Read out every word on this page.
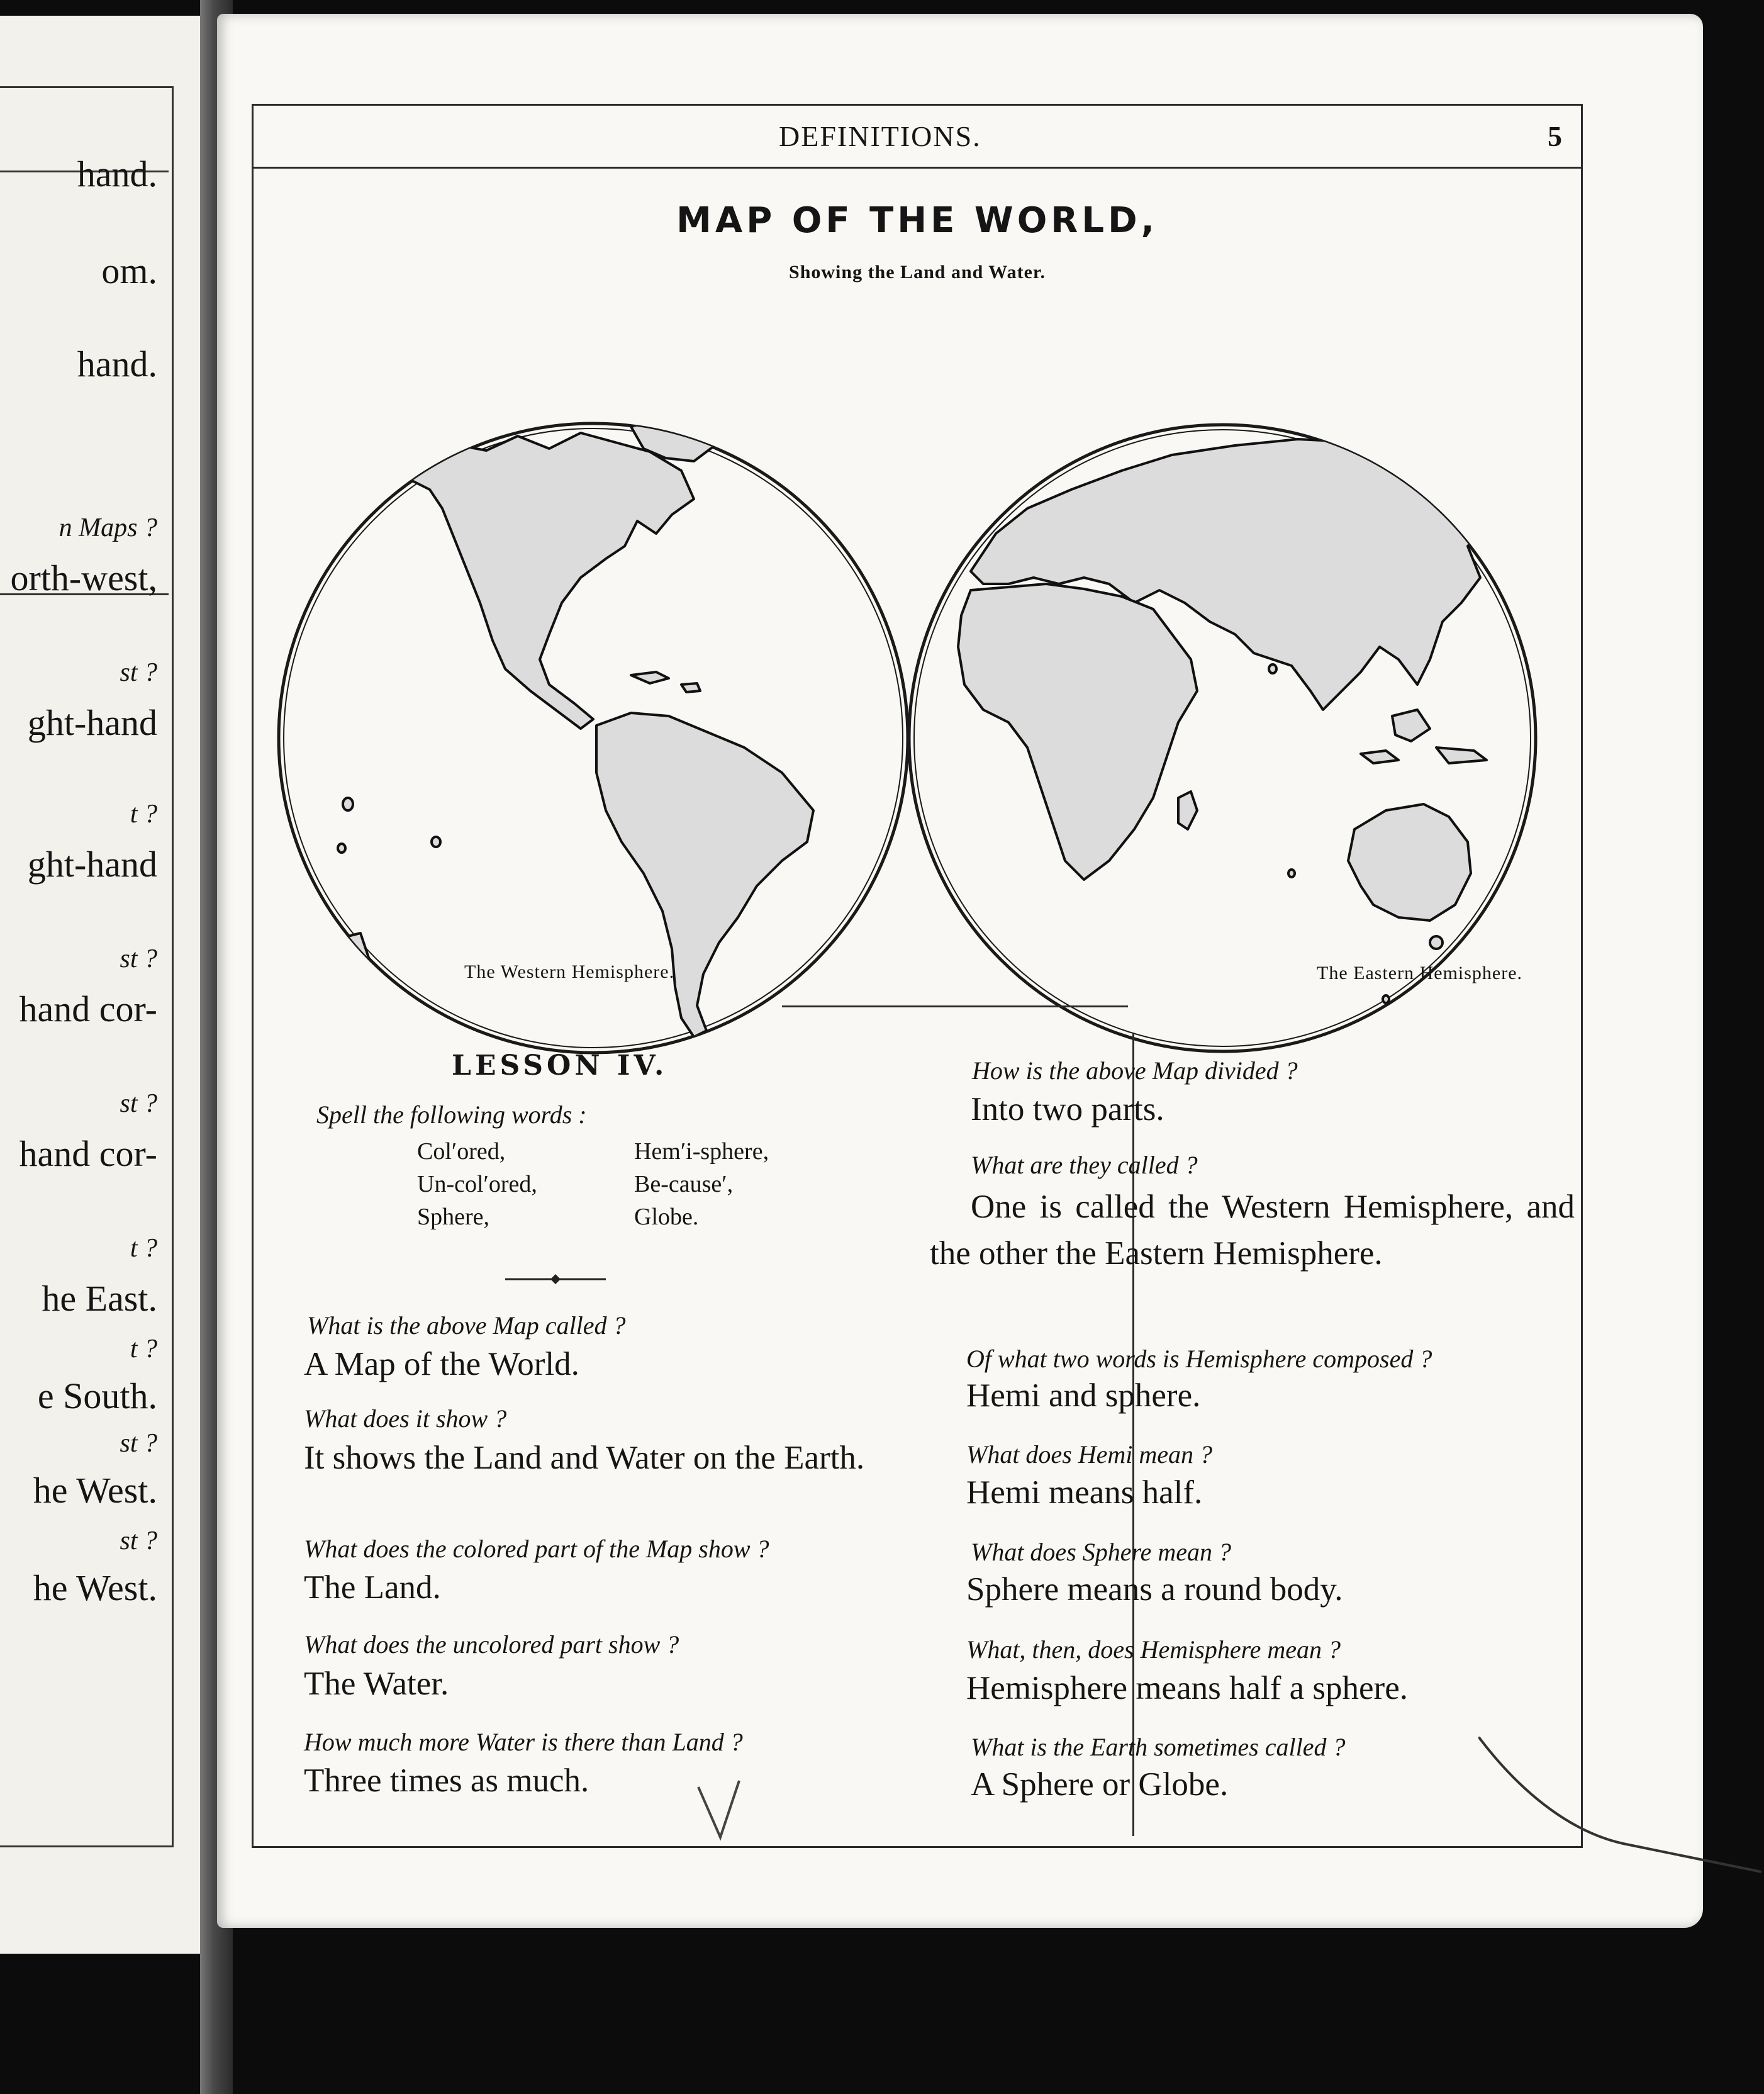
hand.
om.
hand.
n Maps ?
orth-west,
st ?
ght-hand
t ?
ght-hand
st ?
hand cor-
st ?
hand cor-
t ?
he East.
t ?
e South.
st ?
he West.
st ?
he West.
DEFINITIONS.	5
MAP OF THE WORLD,
Showing the Land and Water.
The Western Hemisphere.	The Eastern Hemisphere.
LESSON IV.
Spell the following words :
Col′ored,
Un-col′ored,
Sphere,
Hem′i-sphere,
Be-cause′,
Globe.
What is the above Map called ?
A Map of the World.
What does it show ?
It shows the Land and Water on the Earth.
What does the colored part of the Map show ?
The Land.
What does the uncolored part show ?
The Water.
How much more Water is there than Land ?
Three times as much.
How is the above Map divided ?
Into two parts.
What are they called ?
One is called the Western Hemisphere, and the other the Eastern Hemisphere.
Of what two words is Hemisphere composed ?
Hemi and sphere.
What does Hemi mean ?
Hemi means half.
What does Sphere mean ?
Sphere means a round body.
What, then, does Hemisphere mean ?
Hemisphere means half a sphere.
What is the Earth sometimes called ?
A Sphere or Globe.
